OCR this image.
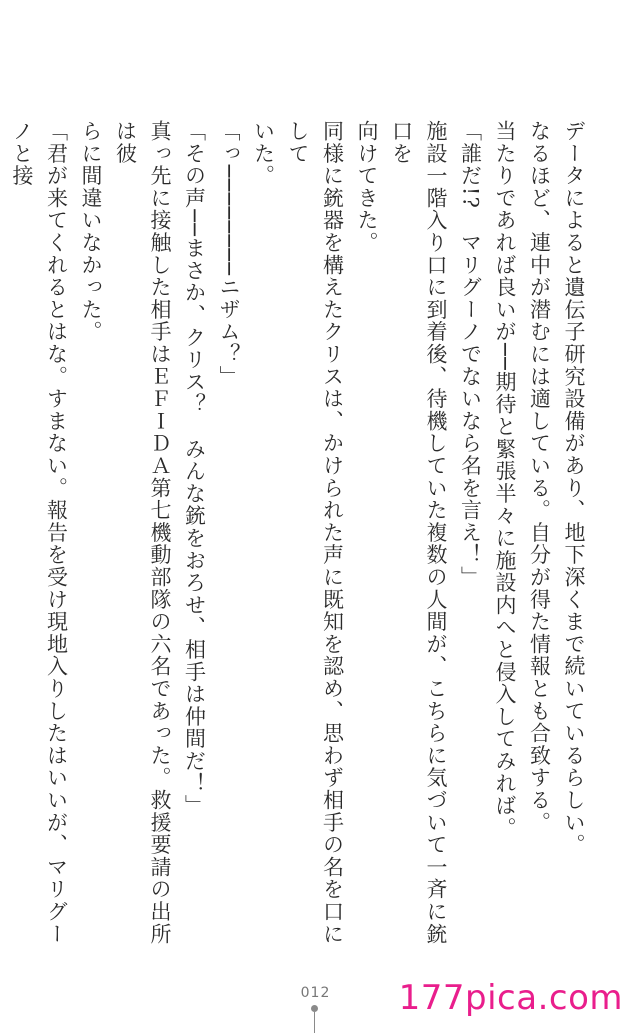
データによると遺伝子研究設備があり、地下深くまで続いているらしい。

なるほど、連中が潜むには適している。自分が得た情報とも合致する。

当たりであれば良いが──期待と緊張半々に施設内へと侵入してみれば。

「誰だ!?　マリグーノでないなら名を言え！」

施設一階入り口に到着後、待機していた複数の人間が、こちらに気づいて一斉に銃口を

向けてきた。

同様に銃器を構えたクリスは、かけられた声に既知を認め、思わず相手の名を口にして

いた。

「っ────────ニザム？」

「その声──まさか、クリス？　みんな銃をおろせ、相手は仲間だ！」

真っ先に接触した相手はＥＦＩＤＡ第七機動部隊の六名であった。救援要請の出所は彼

らに間違いなかった。

「君が来てくれるとはな。すまない。報告を受け現地入りしたはいいが、マリグーノと接

012	177pica.com
